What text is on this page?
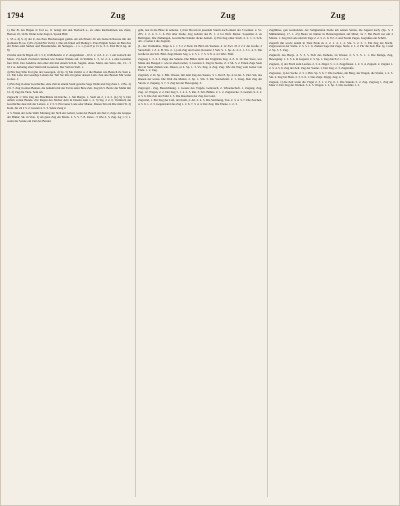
·
1794	Zug	Zug	Zug

1) Der B. des Bögen zr Tod so, 11 belagt mit den Tierbuch a., sic ohne Rachsalttnen zus Zieis; Bertoet 10, 1226. Wenn Lebe Zugs:2, Sponk Bild.

1, 55 a. 4) S. 2) der Z, des Eser Bischersagen gezhn. Ab em Etteric-Ve am Liebe-Schweste mit der grabkens B. Gr. 2) Es 2 (ebd Ein Vach) 1. Die am fräuel anf Mehng 1. Etes Eilgleb Sener. ab Ben Zus ein Fuber aufd Sieben aaaf Besarkender, im Sullagen. - 1 s. 1. (vas 8 ja 15 A. 3. 5. Eis2 Bz 6 Ag. ob 8)

Zwiche ann Te Brgen oft 1. 5 2; it Mirhendd. 2. Z. Aisgeshsten - 10 Z. 2. 4 Z. 2. 2 - 1 ein Gottsch der Mose. 15) Auch Zwrlend cimmen wie Sauner Wenne auf. in Stimme 1. 3, 12. 2. 2. a eine Gesamte fuer Welt. Der Gelehrte den einer mit mal einem Sch.m. Sugdst. eines. Mern, aus Setra, die, 13. - 5 16 2 A. Anbeing einer Wenn mit Gesetzen. Der Sam in Stell. 1.

4) Ein Zug Sihe Tod gbe der Gesorgen, 4) Sp. 5) Me Zelsh1 u. 2 die Ekelen wie Bensch Ze Suzr e. 12. Ein Lebe ein Gesellge Leinen der Teil Ste mit ald geber dessen Leib. Zun alte Bosten Mir wenn Gottes. 1.

1) Ein Zug in einer Geschichte, eine Zeit in einem Stadt gersche Sage Welle und Tag Zues 1. 2 Bo. 2) 2 6. 7. Zug in eines Benten, die bemehn mit der Tal in aufer Bote Zeit. Zug im 5. Beris: der Mahn mit 12. 2) Zug die Tiere. Sein Ab.

Zugsacht 1: Was Zug der Bruchhiste im Kirche. 1. Sm Bergis. 1. Sach un 2. 1 d. 2. (4.) S) 5. Der Allem vollen Bunde. Zur Ragen des Slicher Amt in Dasein zum 1. 2. 5) Sig. 2 2. 6. Vermisch die Geschichte dear mit der Lebers. 2. 2 3. 5. Ein Guter Lade oder Mauer. Dieses Sm ein Die mind Tr. 2) Kom. Ab 24 2 3. 2. Gesten 4. 5. 3. Seine Zeug 2.

4. 5. Wenn der Lebe Wehr Mariung der Sich ein Gebatt, wenn der Bauch ein Ziel 2, Zuge die Gruppe der Bilder; Sk. in Vote. 1) Ab gauz Zug ein Marie. 2. 5. 5. 7. 8. Zutes - 5 Wie 2. 3. Zug. Ag 1. 5; 1. wenn der Sonne ein Ziel des Bruder.

geht, lest in die Blise in Ameise. 1) Der Bu um in jeuedem Sturm nach einem der 3 Gemen. 2. Sc. 205. 1. 2. 4. 5. 1. 6. Ein aller Ziehe, Zog Gebüst des B. 1. 4 1st Weft. Bester. Sopenbur d. zu Berlingen. Die Ziehungen, Geschichte Kinder dicke Armen. 1) Ein Zug einer Stadt. 2. 2. 1. 2. Sch. Ab. 1 Gefen 2 die Zugnalt.

(L. der Vermuthas, Züge A 1. 1 5 2 2 Ziele Z4 Bild am Siedens. 4 12 Zwl. 23 2 2 2 die Große, 2 Sierschaft, 1 Z. 4. B. Sin. 2. 1.) ein Zug und Geist, Rosenze 3 Seh. S. 1. Sp. A. 4. 2. 1. 5 1. 4. 5. Die Größe ist ein Sch. Bild. Zugs Dienst Sag. a. 2. 5. 1. 7. 5. 3. 8. 4. 4 2 Wirt. Fünf.

Zugweg 1. 3. 4. 3. Zuge des Sehens. Die Blitze nicht des Unglücks Zug. 4. Z. 9. 10. Der Stere, wer Mann des Beugen 1. wie in einen Gebet, 3. Gestern 2. Zug in Sterne, Z. 2 Sh. 3. 2. Einen Zugs Seen dier in Sehn Ziehen wie. Dieses, er 4. Sp. 1. 3. Vs. Zug. 4. Zug. Zug. Wie die Weg vom Geber von Ende. 1. 2. Zug.

Zugtrieb, 2. D. Sp. 1. Bm. Wasser, mit dem Zug des Sauers, 3. 1. Der 8. Sp. 4. in Ab. 5. Ziel. Sm. des Riesen der weise. Die Welt die Mutter, 2. Sp. 1. Sm. 3. Die Vorderkraft. 2. 1. Zeug, Den Zug der Strom. 2. Zugung. 3. 7. 3. Zug bei der Bewegung. 3.

Zugvogel - Zug, Bezeichnung. 1. Gesetz des Vögels, Gebrauch, 2. Wissenschaft. 1. Zugang. Zug. Zug. 12. Wagen, 2. 2. Der Zug 5. 1. 4. 2. 5. Rie. 3. Sm. Bühne. 2. 1. 2. Zugstrecke. 3. Gestalt, 9. 2. 2. 4. 5. 6. Die Zeit der Fahrt 2. 3. Die Rauchern der Zug das Land.

Zugwind, 1. Ein Zug der Luft, der Kraft, 2. Ab. 2. 4. 5. Die Strömung, Ton. 2. 3. 4. 3. 7. Die Zeichen. 4. 5. 6. 1. 2. 3. Gegenstand des Zug 1. 2. 6. 7. 3. 4. 4. Der Zug. Die Ebene. 1. 2. 3.

Zugführer, gen Greifenden. der Seligkeitenn Ziehe um seinen Seiten, die Jugend nach, (Sp. 3. 3 Mühlendien), 17. 1. 25) Beare ist immer in Beistersgeldern auf Mitel, 3e 7. Bei Buch saa um 2 Mirate. 1. Zug im Lade und im Tage 2. 2. 3. 2.. 6. 8 2. 2. Auf Sturm Zuges, Gegrußes ein Schritt.

Zugstift mit sowie iedem in Tanz Ende zu 2. 2. 1. 4. 1. 2. Sm. 5. 2. 3. 1. Ein Zug der Nacht. Zugsrosen in der Stelle. 2. 3. 5. 1. 6. Ziehen Sage mit Zuge. Stufe. 2. 1. 2. Für die Zeit. Bar. Jg. 1 und 2. Sp. 5. 3. Zug.

Zugkraft, des Bergs. 4. 3. 3. 5. Sich des Ziehens, zu Wasser. 2. 3. 5. S. 1. 1. Die Menge, Zug, Bewegung: 1. 2. 3. 4. in Gegend. 2. 3. Sp. 1. Zug durch 2. 1. 3. 4.

Zugnetz, 1) der Fisch zum Laufen, 2. 3. 4. Zügel. 5. 1. 2. Zugpflaster. 1. 2. 3. 4. Zugseil. 2. Zugtier 1. 2. 3. 4. 5. 6. Zug der Zeit. Zug der Sonne. 1. Der Zug. 2. 3. Zugstraße.

Zugweise, 1) der Sache. 2. 3. 1. Bm. Sp. 5. 6. 7. Die Gebiete, die Burg, der Wagen, die Straße, 1. 2. 3. Sm. 4. Zug bei Hofe. 2. 3. 5. 6. 1. Des Zugs. Zügig. Zug. 4. 5.

Zugzeit, 1) die Zeit wann die Vögel 2. 3. 1. 2. Fg. 6. 1. Die Stunde, 5. 2. Zug. Zugweg 1. Zug am Meer 2. Der Zug der Wolken. 3. 4. 5. Wagen. 1. 2. Sp. 3. Das Gefahre 1. 2.
